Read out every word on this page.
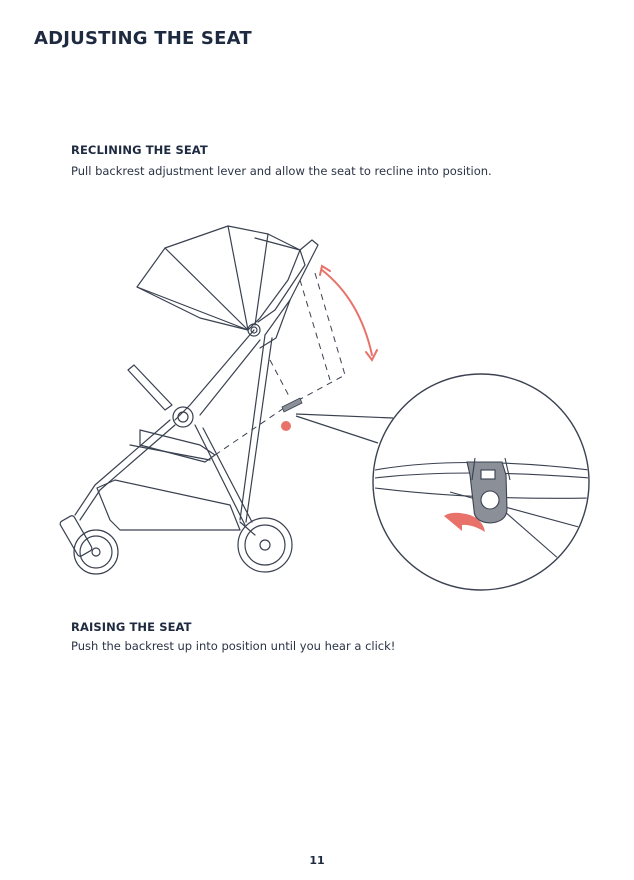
ADJUSTING THE SEAT
RECLINING THE SEAT
Pull backrest adjustment lever and allow the seat to recline into position.
RAISING THE SEAT
Push the backrest up into position until you hear a click!
11
